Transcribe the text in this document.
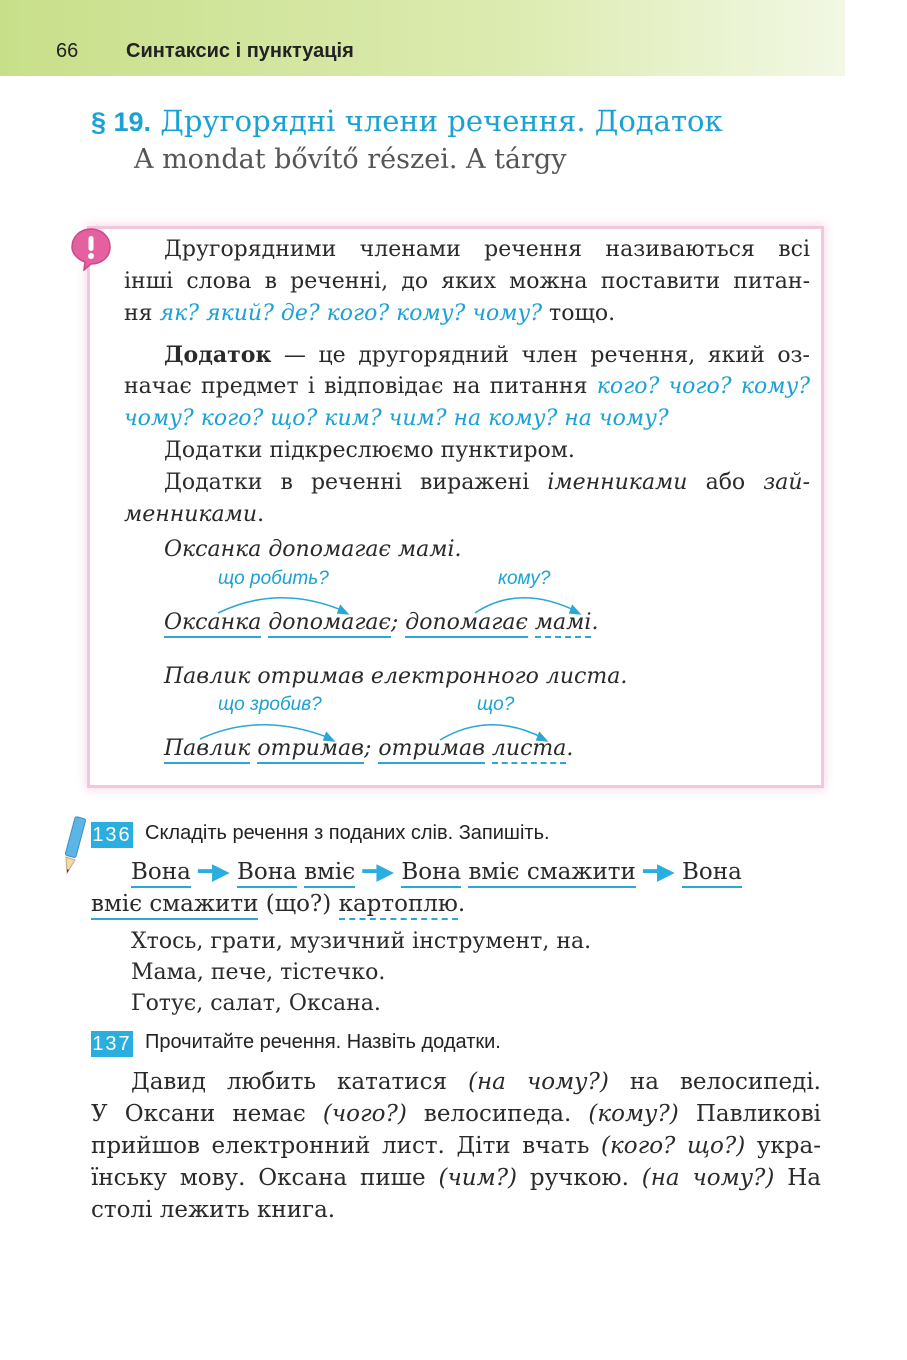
66 Синтаксис і пунктуація
§ 19. Другорядні члени речення. Додаток
A mondat bővítő részei. A tárgy
Другорядними членами речення називаються всі
інші слова в реченні, до яких можна поставити питан-
ня як? який? де? кого? кому? чому? тощо.
Додаток — це другорядний член речення, який оз-
начає предмет і відповідає на питання кого? чого? кому?
чому? кого? що? ким? чим? на кому? на чому?
Додатки підкреслюємо пунктиром.
Додатки в реченні виражені іменниками або зай-
менниками.
Оксанка допомагає мамі.
що робить?	кому?
Оксанка допомагає; допомагає мамі.
Павлик отримав електронного листа.
що зробив?	що?
Павлик отримав; отримав листа.
136 Складіть речення з поданих слів. Запишіть.
Вона ━▶ Вона вміє ━▶ Вона вміє смажити ━▶ Вона
вміє смажити (що?) картоплю.
Хтось, грати, музичний інструмент, на.
Мама, пече, тістечко.
Готує, салат, Оксана.
137 Прочитайте речення. Назвіть додатки.
Давид любить кататися (на чому?) на велосипеді.
У Оксани немає (чого?) велосипеда. (кому?) Павликові
прийшов електронний лист. Діти вчать (кого? що?) укра-
їнську мову. Оксана пише (чим?) ручкою. (на чому?) На
столі лежить книга.
